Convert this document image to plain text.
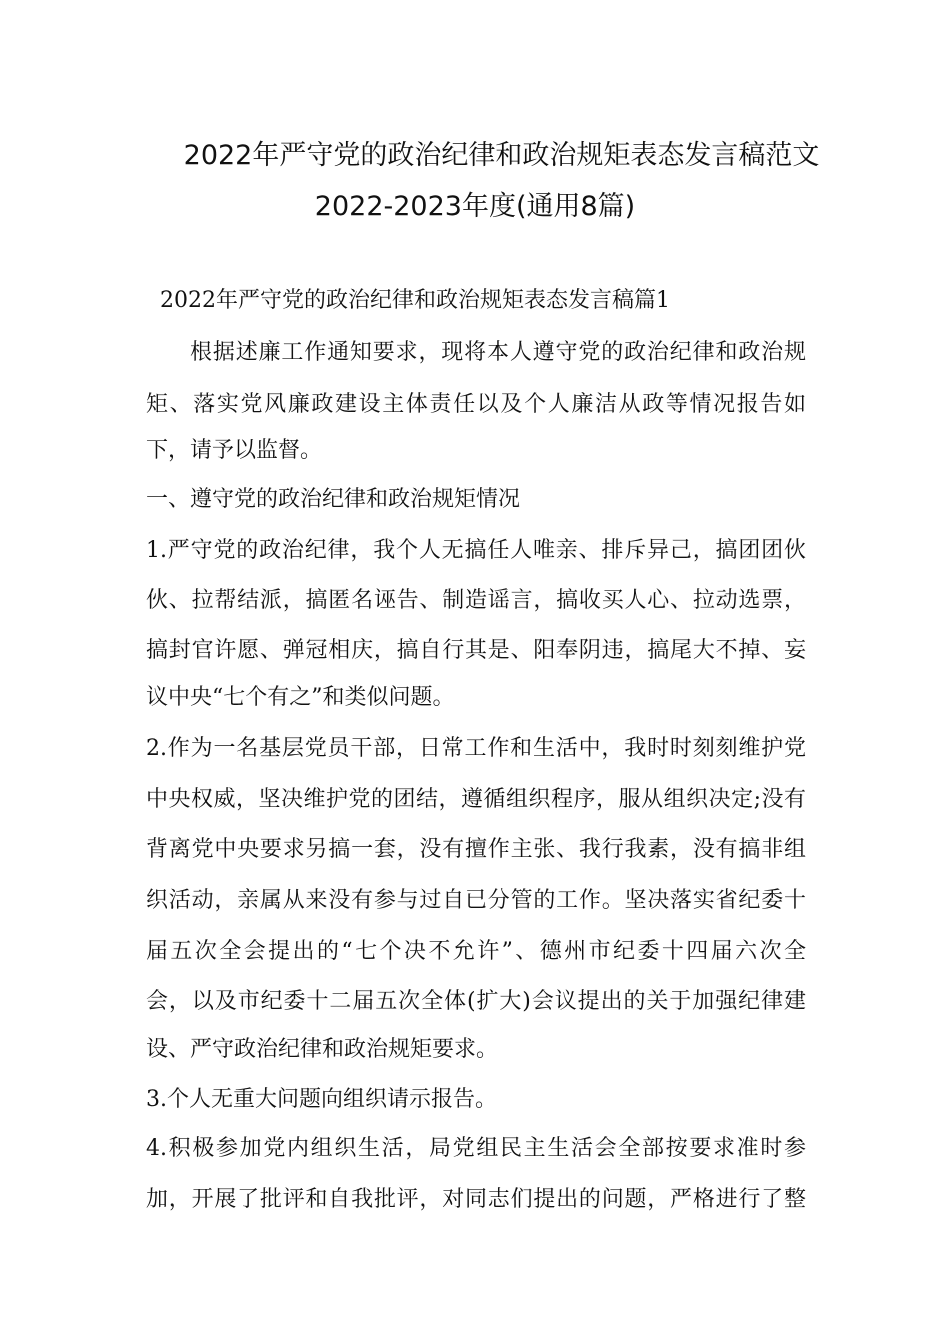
2022年严守党的政治纪律和政治规矩表态发言稿范文
2022-2023年度(通用8篇)
2022年严守党的政治纪律和政治规矩表态发言稿篇1
根据述廉工作通知要求，现将本人遵守党的政治纪律和政治规
矩、落实党风廉政建设主体责任以及个人廉洁从政等情况报告如
下，请予以监督。
一、遵守党的政治纪律和政治规矩情况
1.严守党的政治纪律，我个人无搞任人唯亲、排斥异己，搞团团伙
伙、拉帮结派，搞匿名诬告、制造谣言，搞收买人心、拉动选票，
搞封官许愿、弹冠相庆，搞自行其是、阳奉阴违，搞尾大不掉、妄
议中央“七个有之”和类似问题。
2.作为一名基层党员干部，日常工作和生活中，我时时刻刻维护党
中央权威，坚决维护党的团结，遵循组织程序，服从组织决定;没有
背离党中央要求另搞一套，没有擅作主张、我行我素，没有搞非组
织活动，亲属从来没有参与过自已分管的工作。坚决落实省纪委十
届五次全会提出的“七个决不允许”、德州市纪委十四届六次全
会，以及市纪委十二届五次全体(扩大)会议提出的关于加强纪律建
设、严守政治纪律和政治规矩要求。
3.个人无重大问题向组织请示报告。
4.积极参加党内组织生活，局党组民主生活会全部按要求准时参
加，开展了批评和自我批评，对同志们提出的问题，严格进行了整
